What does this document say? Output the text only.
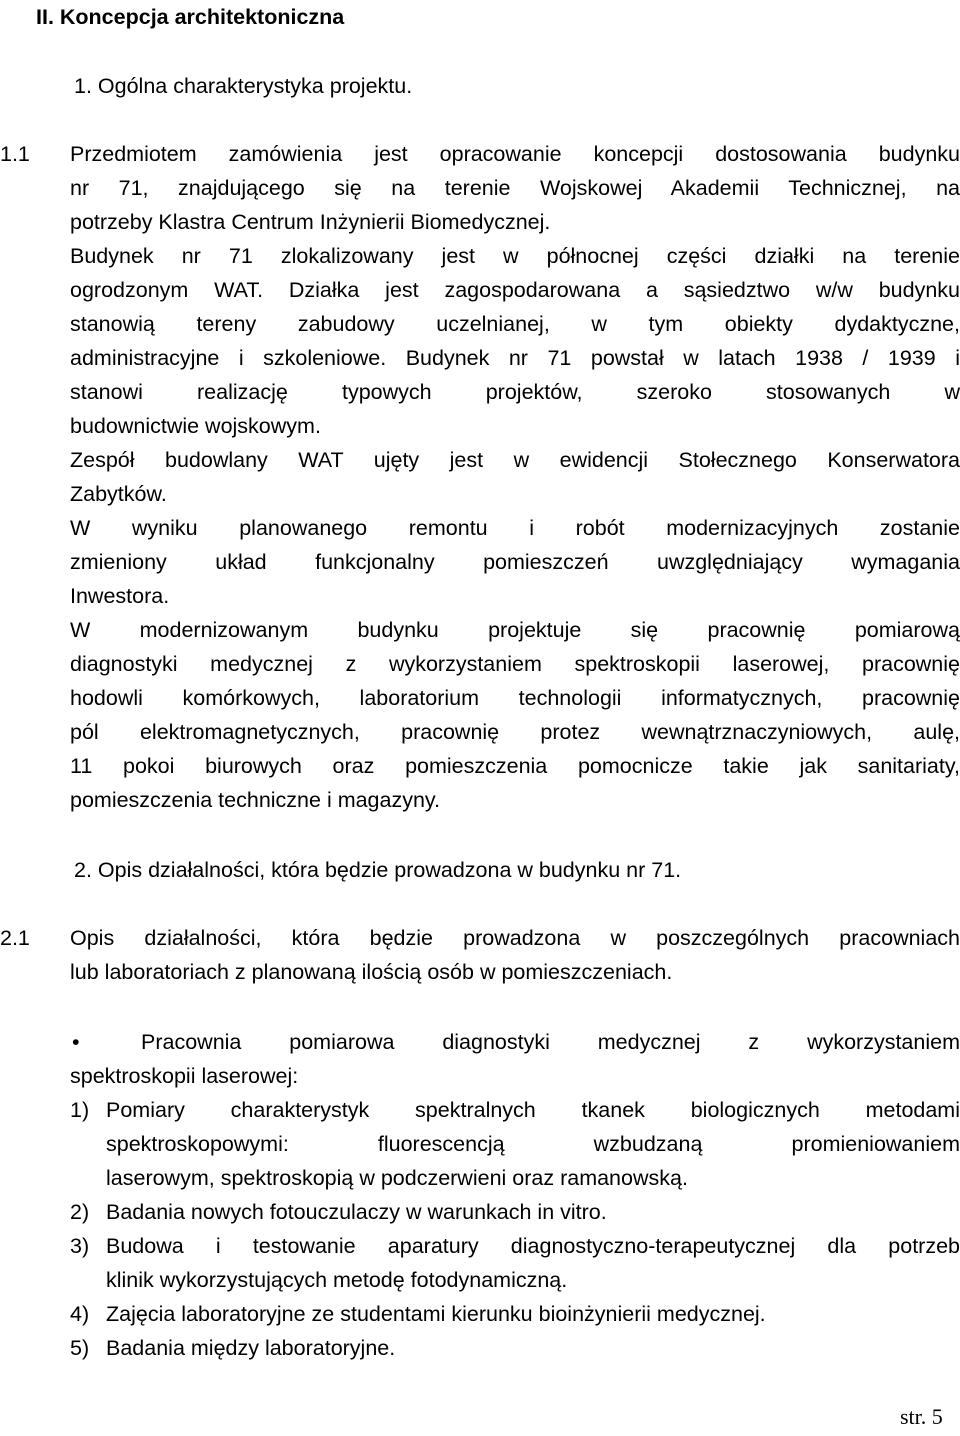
II. Koncepcja architektoniczna
1. Ogólna charakterystyka projektu.
1.1 Przedmiotem zamówienia jest opracowanie koncepcji dostosowania budynku
nr 71, znajdującego się na terenie Wojskowej Akademii Technicznej, na
potrzeby Klastra Centrum Inżynierii Biomedycznej.
Budynek nr 71 zlokalizowany jest w północnej części działki na terenie
ogrodzonym WAT. Działka jest zagospodarowana a sąsiedztwo w/w budynku
stanowią tereny zabudowy uczelnianej, w tym obiekty dydaktyczne,
administracyjne i szkoleniowe. Budynek nr 71 powstał w latach 1938 / 1939 i
stanowi realizację typowych projektów, szeroko stosowanych w
budownictwie wojskowym.
Zespół budowlany WAT ujęty jest w ewidencji Stołecznego Konserwatora
Zabytków.
W wyniku planowanego remontu i robót modernizacyjnych zostanie
zmieniony układ funkcjonalny pomieszczeń uwzględniający wymagania
Inwestora.
W modernizowanym budynku projektuje się pracownię pomiarową
diagnostyki medycznej z wykorzystaniem spektroskopii laserowej, pracownię
hodowli komórkowych, laboratorium technologii informatycznych, pracownię
pól elektromagnetycznych, pracownię protez wewnątrznaczyniowych, aulę,
11 pokoi biurowych oraz pomieszczenia pomocnicze takie jak sanitariaty,
pomieszczenia techniczne i magazyny.
2. Opis działalności, która będzie prowadzona w budynku nr 71.
2.1 Opis działalności, która będzie prowadzona w poszczególnych pracowniach
lub laboratoriach z planowaną ilością osób w pomieszczeniach.
•	Pracownia pomiarowa diagnostyki medycznej z wykorzystaniem
spektroskopii laserowej:
1) Pomiary charakterystyk spektralnych tkanek biologicznych metodami
spektroskopowymi: fluorescencją wzbudzaną promieniowaniem
laserowym, spektroskopią w podczerwieni oraz ramanowską.
2) Badania nowych fotouczulaczy w warunkach in vitro.
3) Budowa i testowanie aparatury diagnostyczno-terapeutycznej dla potrzeb
klinik wykorzystujących metodę fotodynamiczną.
4) Zajęcia laboratoryjne ze studentami kierunku bioinżynierii medycznej.
5) Badania między laboratoryjne.
str. 5
